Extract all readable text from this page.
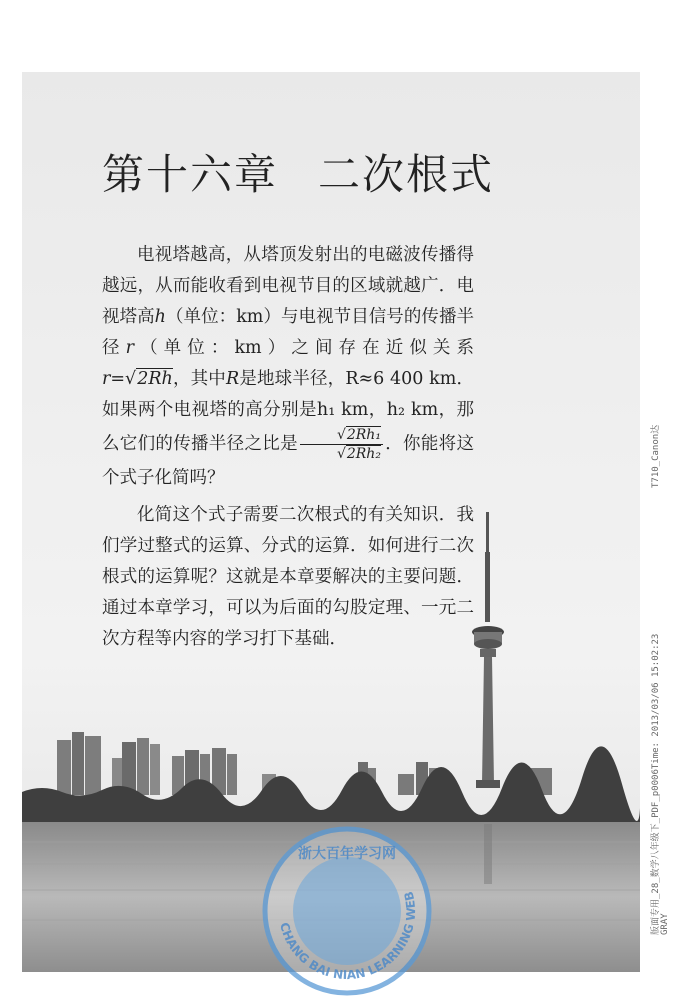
第十六章 二次根式

电视塔越高，从塔顶发射出的电磁波传播得越远，从而能收看到电视节目的区域就越广．电视塔高h（单位：km）与电视节目信号的传播半径r（单位：km）之间存在近似关系 r=√2Rh，其中R是地球半径，R≈6 400 km．如果两个电视塔的高分别是h₁ km，h₂ km，那么它们的传播半径之比是 $\frac{\text{√2Rh₁}}{\text{√2Rh₂}}$ ．你能将这个式子化简吗？

化简这个式子需要二次根式的有关知识．我们学过整式的运算、分式的运算．如何进行二次根式的运算呢？这就是本章要解决的主要问题．通过本章学习，可以为后面的勾股定理、一元二次方程等内容的学习打下基础．

T710_Canon达
版面专用_28_数学八年级下_PDF_p0006Time: 2013/03/06 15:02:23 GRAY
CHANG BAI NIAN LEARNING WEB
浙大百年学习网
